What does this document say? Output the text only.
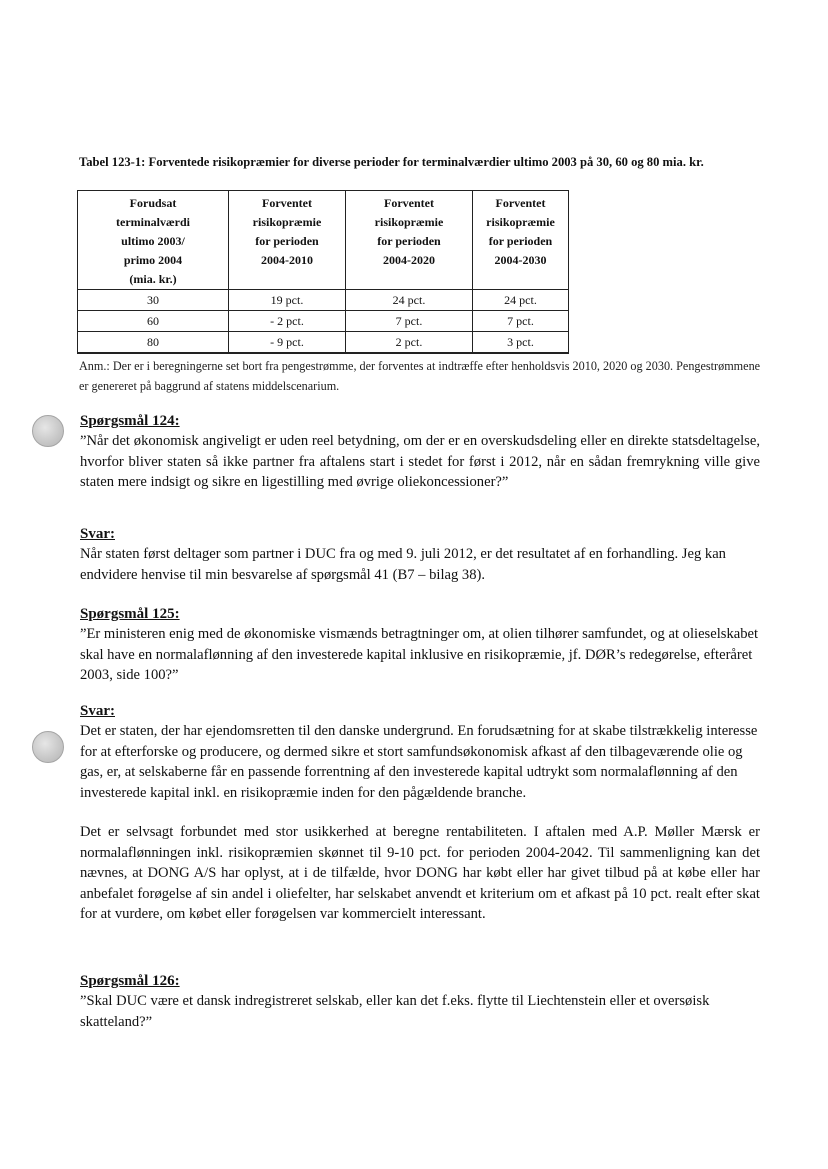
Tabel 123-1: Forventede risikopræmier for diverse perioder for terminalværdier ultimo 2003 på 30, 60 og 80 mia. kr.
Forudsat
terminalværdi
ultimo 2003/
primo 2004
(mia. kr.)	Forventet
risikopræmie
for perioden
2004-2010	Forventet
risikopræmie
for perioden
2004-2020	Forventet
risikopræmie
for perioden
2004-2030

30	19 pct.	24 pct.	24 pct.
60	- 2 pct.	7 pct.	7 pct.
80	- 9 pct.	2 pct.	3 pct.
Anm.: Der er i beregningerne set bort fra pengestrømme, der forventes at indtræffe efter henholdsvis 2010, 2020 og 2030. Pengestrømmene er genereret på baggrund af statens middelscenarium.
Spørgsmål 124:

”Når det økonomisk angiveligt er uden reel betydning, om der er en overskudsdeling eller en direkte statsdeltagelse, hvorfor bliver staten så ikke partner fra aftalens start i stedet for først i 2012, når en sådan fremrykning ville give staten mere indsigt og sikre en ligestilling med øvrige oliekoncessioner?”

Svar:

Når staten først deltager som partner i DUC fra og med 9. juli 2012, er det resultatet af en forhandling. Jeg kan endvidere henvise til min besvarelse af spørgsmål 41 (B7 – bilag 38).

Spørgsmål 125:

”Er ministeren enig med de økonomiske vismænds betragtninger om, at olien tilhører samfundet, og at olieselskabet skal have en normalaflønning af den investerede kapital inklusive en risikopræmie, jf. DØR’s redegørelse, efteråret 2003, side 100?”

Svar:

Det er staten, der har ejendomsretten til den danske undergrund. En forudsætning for at skabe tilstrækkelig interesse for at efterforske og producere, og dermed sikre et stort samfundsøkonomisk afkast af den tilbageværende olie og gas, er, at selskaberne får en passende forrentning af den investerede kapital udtrykt som normalaflønning af den investerede kapital inkl. en risikopræmie inden for den pågældende branche.

Det er selvsagt forbundet med stor usikkerhed at beregne rentabiliteten. I aftalen med A.P. Møller Mærsk er normalaflønningen inkl. risikopræmien skønnet til 9-10 pct. for perioden 2004-2042. Til sammenligning kan det nævnes, at DONG A/S har oplyst, at i de tilfælde, hvor DONG har købt eller har givet tilbud på at købe eller har anbefalet forøgelse af sin andel i oliefelter, har selskabet anvendt et kriterium om et afkast på 10 pct. realt efter skat for at vurdere, om købet eller forøgelsen var kommercielt interessant.

Spørgsmål 126:

”Skal DUC være et dansk indregistreret selskab, eller kan det f.eks. flytte til Liechtenstein eller et oversøisk skatteland?”
